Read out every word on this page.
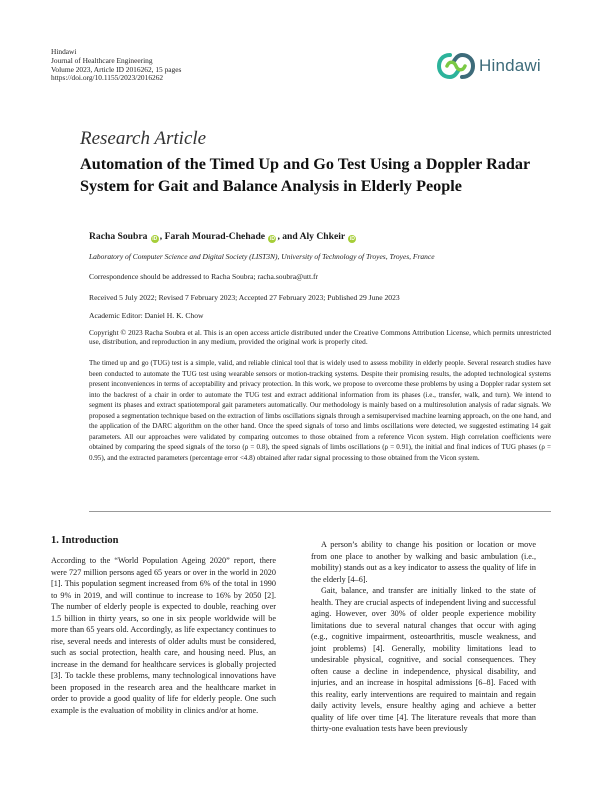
Hindawi
Journal of Healthcare Engineering
Volume 2023, Article ID 2016262, 15 pages
https://doi.org/10.1155/2023/2016262
Hindawi
Research Article
Automation of the Timed Up and Go Test Using a Doppler Radar System for Gait and Balance Analysis in Elderly People
Racha Soubra iD , Farah Mourad-Chehade iD , and Aly Chkeir iD
Laboratory of Computer Science and Digital Society (LIST3N), University of Technology of Troyes, Troyes, France
Correspondence should be addressed to Racha Soubra; racha.soubra@utt.fr
Received 5 July 2022; Revised 7 February 2023; Accepted 27 February 2023; Published 29 June 2023
Academic Editor: Daniel H. K. Chow
Copyright © 2023 Racha Soubra et al. This is an open access article distributed under the Creative Commons Attribution License, which permits unrestricted use, distribution, and reproduction in any medium, provided the original work is properly cited.
The timed up and go (TUG) test is a simple, valid, and reliable clinical tool that is widely used to assess mobility in elderly people. Several research studies have been conducted to automate the TUG test using wearable sensors or motion-tracking systems. Despite their promising results, the adopted technological systems present inconveniences in terms of acceptability and privacy protection. In this work, we propose to overcome these problems by using a Doppler radar system set into the backrest of a chair in order to automate the TUG test and extract additional information from its phases (i.e., transfer, walk, and turn). We intend to segment its phases and extract spatiotemporal gait parameters automatically. Our methodology is mainly based on a multiresolution analysis of radar signals. We proposed a segmentation technique based on the extraction of limbs oscillations signals through a semisupervised machine learning approach, on the one hand, and the application of the DARC algorithm on the other hand. Once the speed signals of torso and limbs oscillations were detected, we suggested estimating 14 gait parameters. All our approaches were validated by comparing outcomes to those obtained from a reference Vicon system. High correlation coefficients were obtained by comparing the speed signals of the torso (ρ = 0.8), the speed signals of limbs oscillations (ρ = 0.91), the initial and final indices of TUG phases (ρ = 0.95), and the extracted parameters (percentage error <4.8) obtained after radar signal processing to those obtained from the Vicon system.
1. Introduction

According to the “World Population Ageing 2020” report, there were 727 million persons aged 65 years or over in the world in 2020 [1]. This population segment increased from 6% of the total in 1990 to 9% in 2019, and will continue to increase to 16% by 2050 [2]. The number of elderly people is expected to double, reaching over 1.5 billion in thirty years, so one in six people worldwide will be more than 65 years old. Accordingly, as life expectancy continues to rise, several needs and interests of older adults must be considered, such as social protection, health care, and housing need. Plus, an increase in the demand for healthcare services is globally projected [3]. To tackle these problems, many technological innovations have been proposed in the research area and the healthcare market in order to provide a good quality of life for elderly people. One such example is the evaluation of mobility in clinics and/or at home.

A person’s ability to change his position or location or move from one place to another by walking and basic ambulation (i.e., mobility) stands out as a key indicator to assess the quality of life in the elderly [4–6].

Gait, balance, and transfer are initially linked to the state of health. They are crucial aspects of independent living and successful aging. However, over 30% of older people experience mobility limitations due to several natural changes that occur with aging (e.g., cognitive impairment, osteoarthritis, muscle weakness, and joint problems) [4]. Generally, mobility limitations lead to undesirable physical, cognitive, and social consequences. They often cause a decline in independence, physical disability, and injuries, and an increase in hospital admissions [6–8]. Faced with this reality, early interventions are required to maintain and regain daily activity levels, ensure healthy aging and achieve a better quality of life over time [4]. The literature reveals that more than thirty-one evaluation tests have been previously
